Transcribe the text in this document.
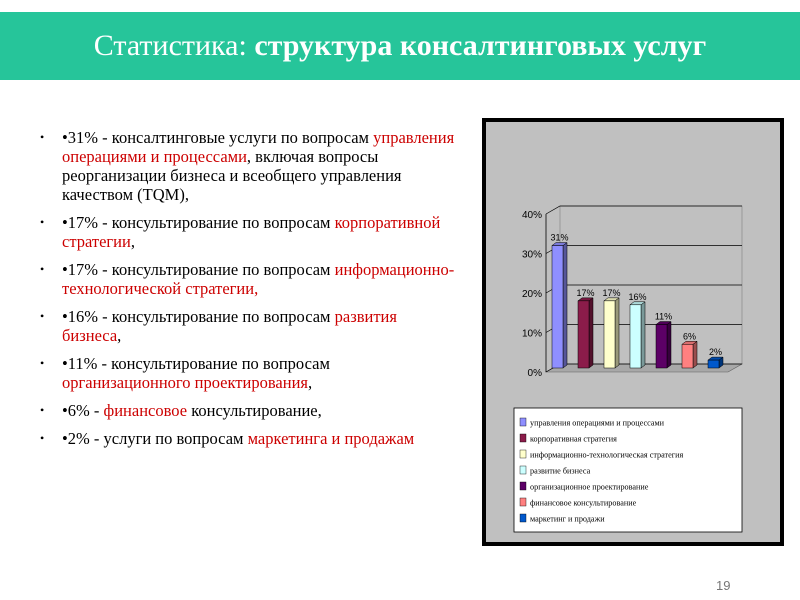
Статистика: структура консалтинговых услуг
• •31% - консалтинговые услуги по вопросам управления операциями и процессами, включая вопросы реорганизации бизнеса и всеобщего управления качеством (TQM),
• •17% - консультирование по вопросам корпоративной стратегии,
• •17% - консультирование по вопросам информационно-технологической стратегии,
• •16% - консультирование по вопросам развития бизнеса,
• •11% - консультирование по вопросам организационного проектирования,
• •6% - финансовое консультирование,
• •2% - услуги по вопросам маркетинга и продажам
0%
10%
20%
30%
40%
31%
17% 17% 16%
11%
6%
2%
управления операциями и процессами
корпоративная стратегия
информационно-технологическая стратегия
развитие бизнеса
организационное проектирование
финансовое консультирование
маркетинг и продажи
19
